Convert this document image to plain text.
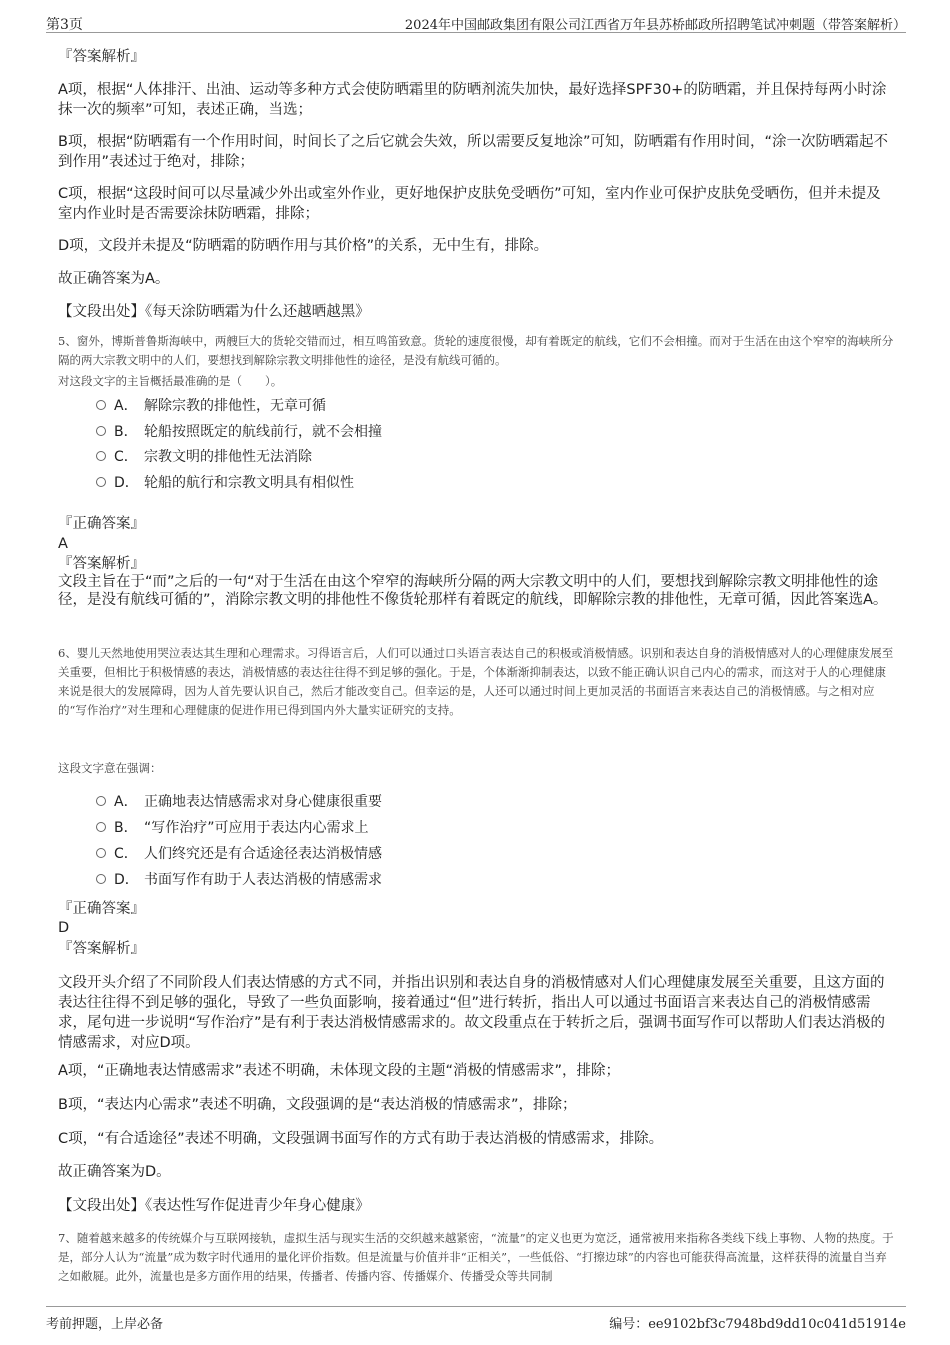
第3页	2024年中国邮政集团有限公司江西省万年县苏桥邮政所招聘笔试冲刺题（带答案解析）
『答案解析』
A项，根据“人体排汗、出油、运动等多种方式会使防晒霜里的防晒剂流失加快，最好选择SPF30+的防晒霜，并且保持每两小时涂抹一次的频率”可知，表述正确，当选；
B项，根据“防晒霜有一个作用时间，时间长了之后它就会失效，所以需要反复地涂”可知，防晒霜有作用时间，“涂一次防晒霜起不到作用”表述过于绝对，排除；
C项，根据“这段时间可以尽量减少外出或室外作业，更好地保护皮肤免受晒伤”可知，室内作业可保护皮肤免受晒伤，但并未提及室内作业时是否需要涂抹防晒霜，排除；
D项，文段并未提及“防晒霜的防晒作用与其价格”的关系，无中生有，排除。
故正确答案为A。
【文段出处】《每天涂防晒霜为什么还越晒越黑》
5、窗外，博斯普鲁斯海峡中，两艘巨大的货轮交错而过，相互鸣笛致意。货轮的速度很慢，却有着既定的航线，它们不会相撞。而对于生活在由这个窄窄的海峡所分隔的两大宗教文明中的人们，要想找到解除宗教文明排他性的途径，是没有航线可循的。
对这段文字的主旨概括最准确的是（　　）。
A． 解除宗教的排他性，无章可循
B． 轮船按照既定的航线前行，就不会相撞
C． 宗教文明的排他性无法消除
D． 轮船的航行和宗教文明具有相似性
『正确答案』
A
『答案解析』
文段主旨在于“而”之后的一句“对于生活在由这个窄窄的海峡所分隔的两大宗教文明中的人们，要想找到解除宗教文明排他性的途径，是没有航线可循的”，消除宗教文明的排他性不像货轮那样有着既定的航线，即解除宗教的排他性，无章可循，因此答案选A。
6、婴儿天然地使用哭泣表达其生理和心理需求。习得语言后，人们可以通过口头语言表达自己的积极或消极情感。识别和表达自身的消极情感对人的心理健康发展至关重要，但相比于积极情感的表达，消极情感的表达往往得不到足够的强化。于是，个体渐渐抑制表达，以致不能正确认识自己内心的需求，而这对于人的心理健康来说是很大的发展障碍，因为人首先要认识自己，然后才能改变自己。但幸运的是，人还可以通过时间上更加灵活的书面语言来表达自己的消极情感。与之相对应的“写作治疗”对生理和心理健康的促进作用已得到国内外大量实证研究的支持。
这段文字意在强调：
A． 正确地表达情感需求对身心健康很重要
B． “写作治疗”可应用于表达内心需求上
C． 人们终究还是有合适途径表达消极情感
D． 书面写作有助于人表达消极的情感需求
『正确答案』
D
『答案解析』
文段开头介绍了不同阶段人们表达情感的方式不同，并指出识别和表达自身的消极情感对人们心理健康发展至关重要，且这方面的表达往往得不到足够的强化，导致了一些负面影响，接着通过“但”进行转折，指出人可以通过书面语言来表达自己的消极情感需求，尾句进一步说明“写作治疗”是有利于表达消极情感需求的。故文段重点在于转折之后，强调书面写作可以帮助人们表达消极的情感需求，对应D项。
A项，“正确地表达情感需求”表述不明确，未体现文段的主题“消极的情感需求”，排除；
B项，“表达内心需求”表述不明确，文段强调的是“表达消极的情感需求”，排除；
C项，“有合适途径”表述不明确，文段强调书面写作的方式有助于表达消极的情感需求，排除。
故正确答案为D。
【文段出处】《表达性写作促进青少年身心健康》
7、随着越来越多的传统媒介与互联网接轨，虚拟生活与现实生活的交织越来越紧密，“流量”的定义也更为宽泛，通常被用来指称各类线下线上事物、人物的热度。于是，部分人认为“流量”成为数字时代通用的量化评价指数。但是流量与价值并非“正相关”，一些低俗、“打擦边球”的内容也可能获得高流量，这样获得的流量自当弃之如敝屣。此外，流量也是多方面作用的结果，传播者、传播内容、传播媒介、传播受众等共同制
考前押题，上岸必备	编号：ee9102bf3c7948bd9dd10c041d51914e
